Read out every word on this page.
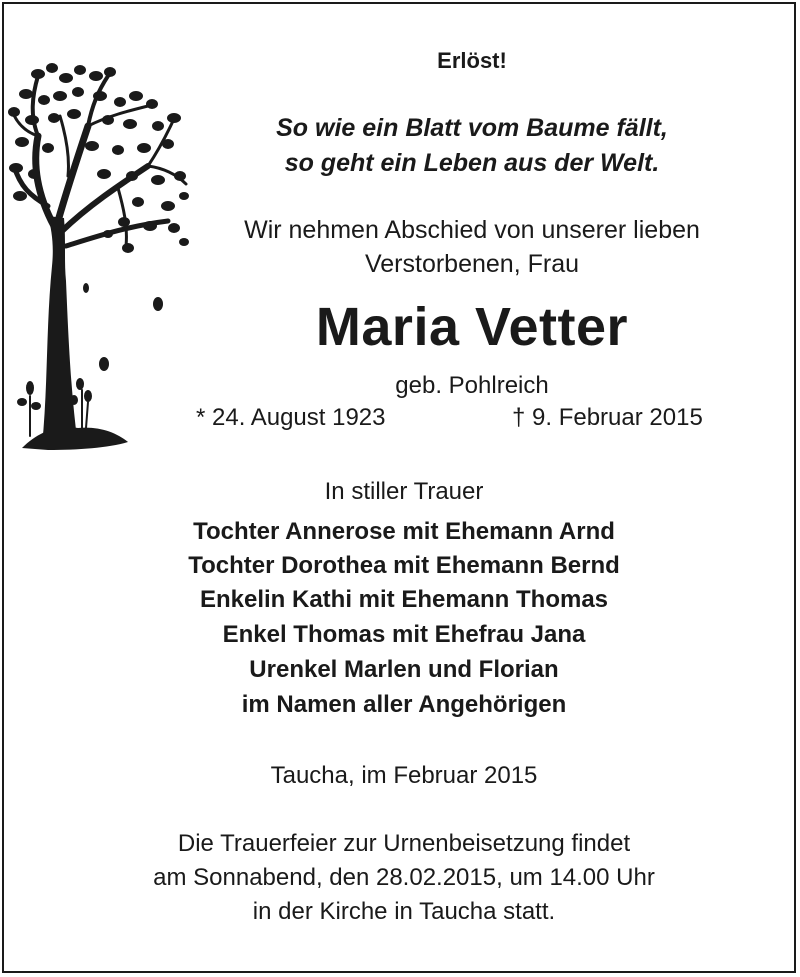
Erlöst!
So wie ein Blatt vom Baume fällt,
so geht ein Leben aus der Welt.
Wir nehmen Abschied von unserer lieben
Verstorbenen, Frau
Maria Vetter
geb. Pohlreich
* 24. August 1923	† 9. Februar 2015
In stiller Trauer
Tochter Annerose mit Ehemann Arnd
Tochter Dorothea mit Ehemann Bernd
Enkelin Kathi mit Ehemann Thomas
Enkel Thomas mit Ehefrau Jana
Urenkel Marlen und Florian
im Namen aller Angehörigen
Taucha, im Februar 2015
Die Trauerfeier zur Urnenbeisetzung findet
am Sonnabend, den 28.02.2015, um 14.00 Uhr
in der Kirche in Taucha statt.
